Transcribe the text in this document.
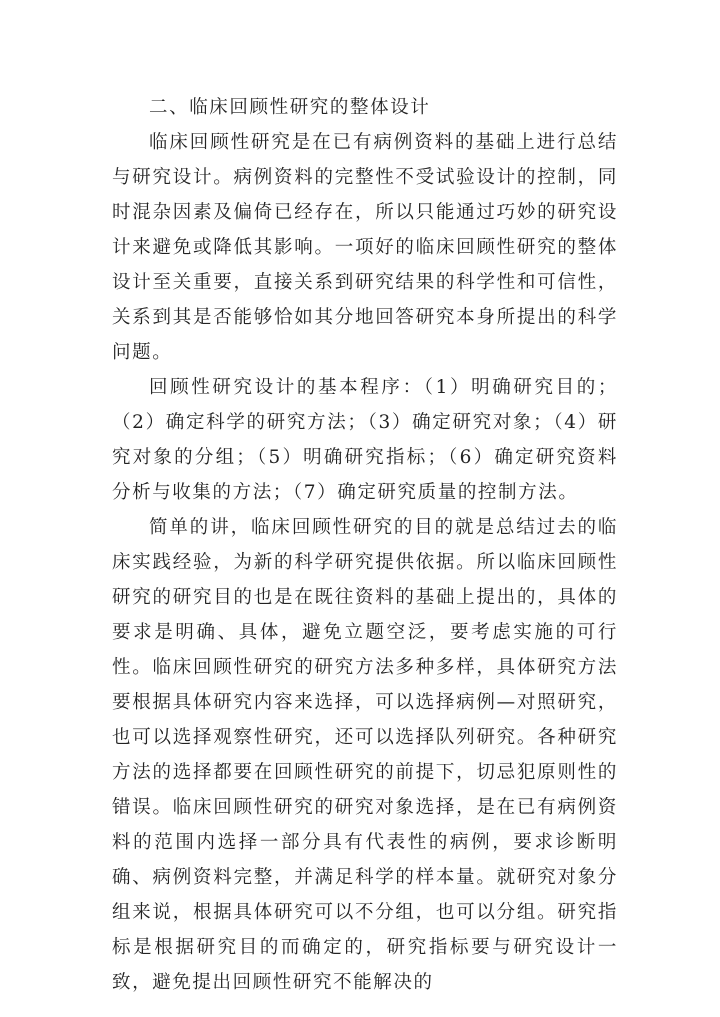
二、临床回顾性研究的整体设计

临床回顾性研究是在已有病例资料的基础上进行总结与研究设计。病例资料的完整性不受试验设计的控制，同时混杂因素及偏倚已经存在，所以只能通过巧妙的研究设计来避免或降低其影响。一项好的临床回顾性研究的整体设计至关重要，直接关系到研究结果的科学性和可信性，关系到其是否能够恰如其分地回答研究本身所提出的科学问题。

回顾性研究设计的基本程序：（1）明确研究目的；（2）确定科学的研究方法；（3）确定研究对象；（4）研究对象的分组；（5）明确研究指标；（6）确定研究资料分析与收集的方法；（7）确定研究质量的控制方法。

简单的讲，临床回顾性研究的目的就是总结过去的临床实践经验，为新的科学研究提供依据。所以临床回顾性研究的研究目的也是在既往资料的基础上提出的，具体的要求是明确、具体，避免立题空泛，要考虑实施的可行性。临床回顾性研究的研究方法多种多样，具体研究方法要根据具体研究内容来选择，可以选择病例—对照研究，也可以选择观察性研究，还可以选择队列研究。各种研究方法的选择都要在回顾性研究的前提下，切忌犯原则性的错误。临床回顾性研究的研究对象选择，是在已有病例资料的范围内选择一部分具有代表性的病例，要求诊断明确、病例资料完整，并满足科学的样本量。就研究对象分组来说，根据具体研究可以不分组，也可以分组。研究指标是根据研究目的而确定的，研究指标要与研究设计一致，避免提出回顾性研究不能解决的
